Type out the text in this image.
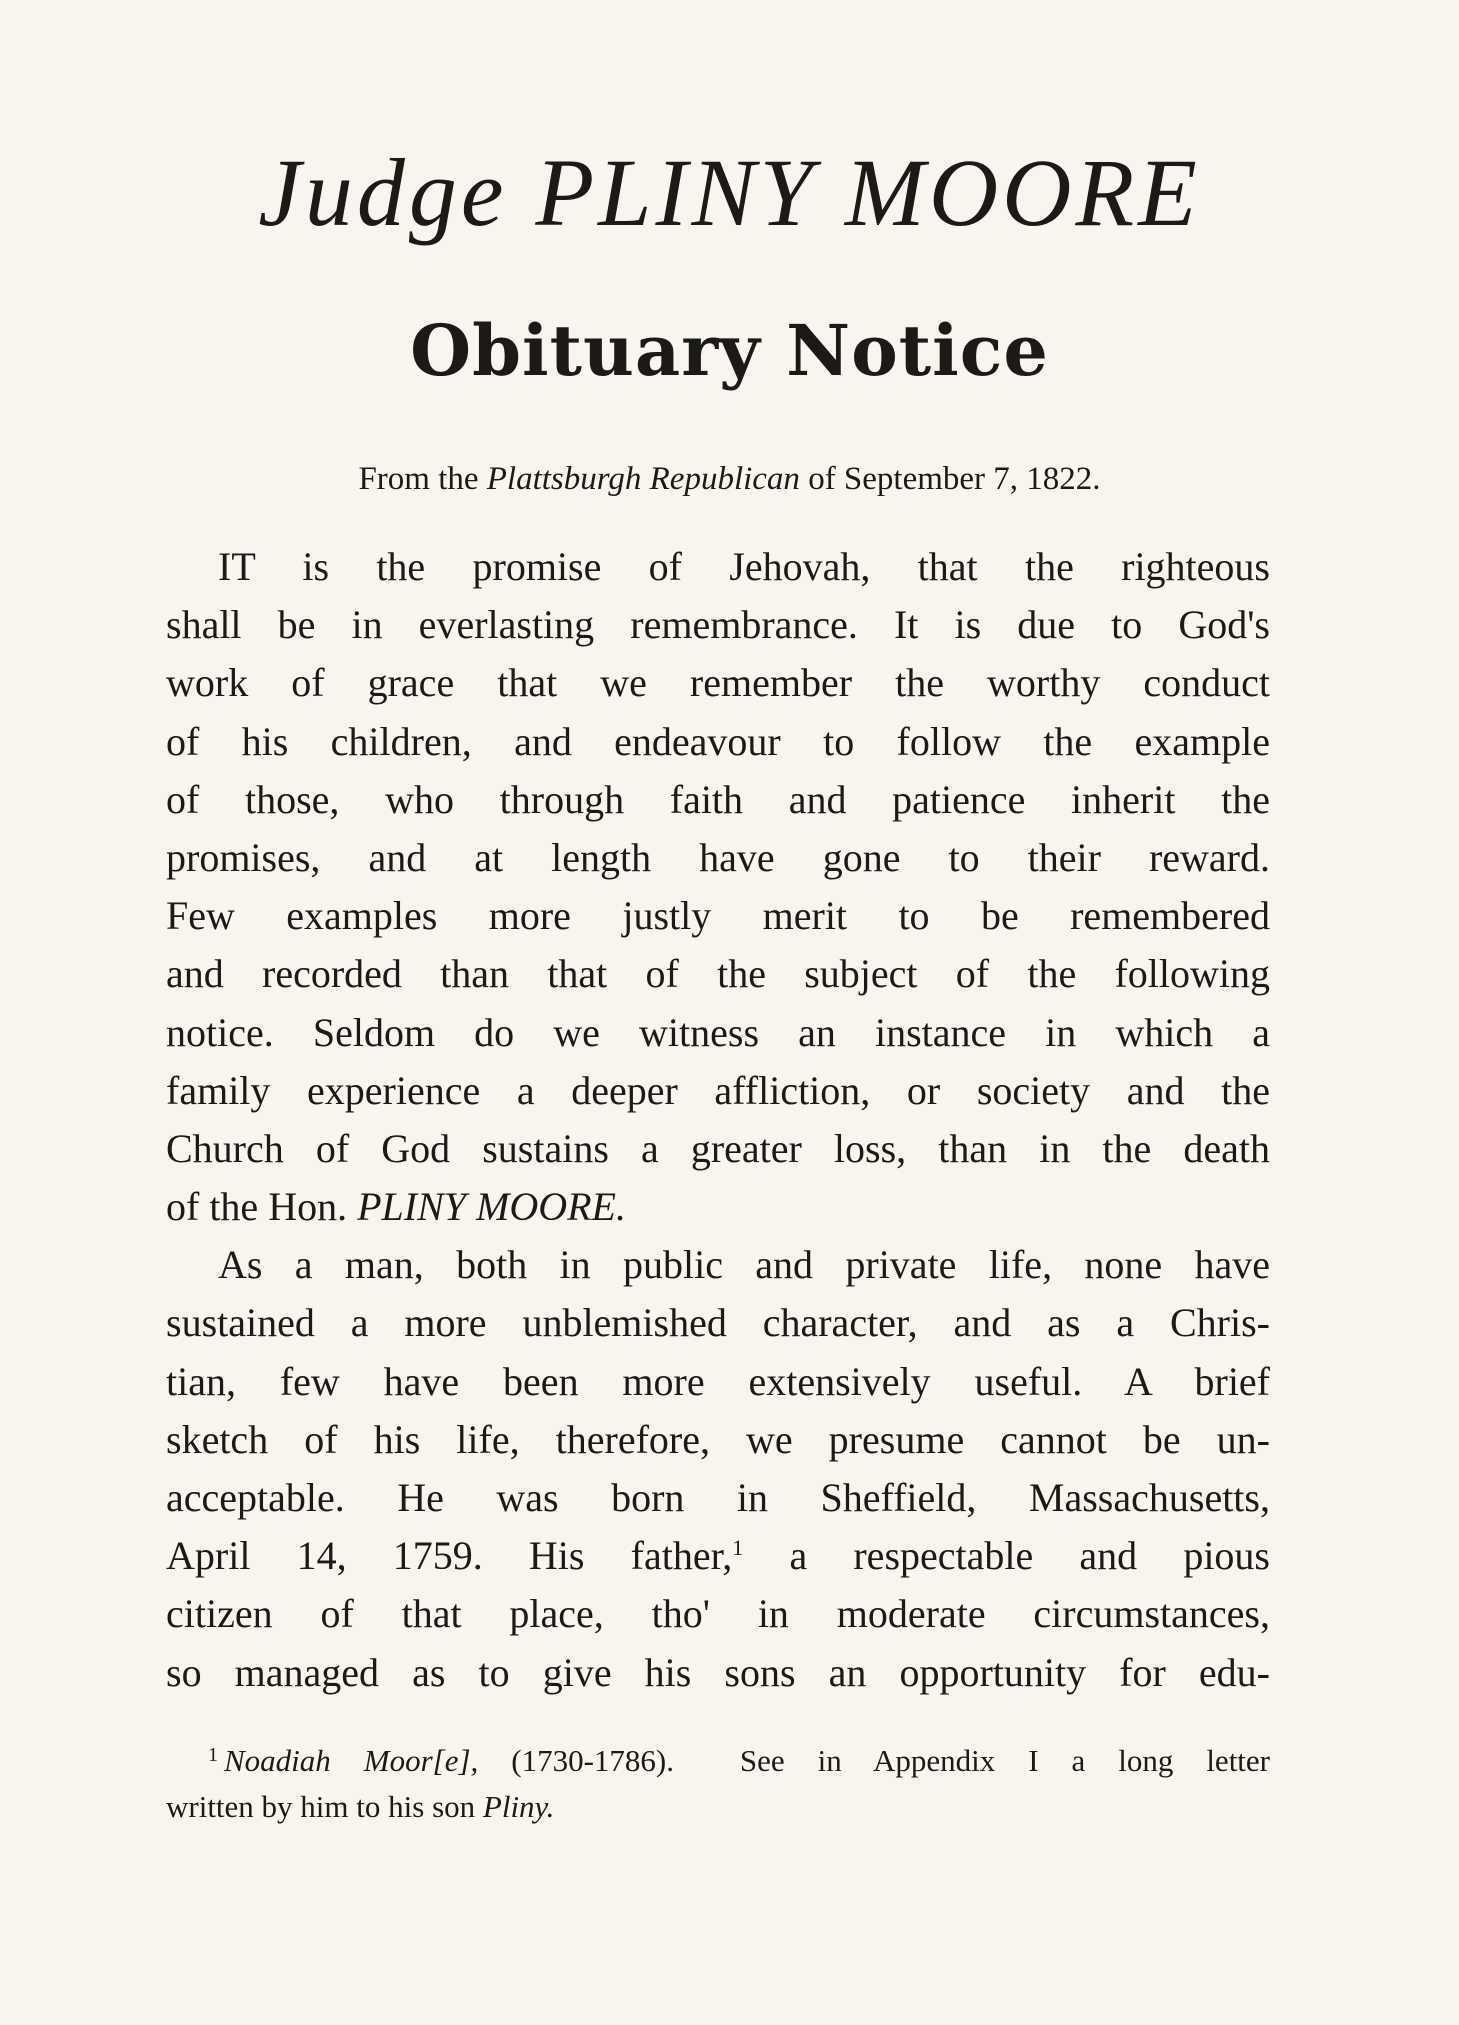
Judge PLINY MOORE
Obituary Notice
From the Plattsburgh Republican of September 7, 1822.
IT is the promise of Jehovah, that the righteous
shall be in everlasting remembrance. It is due to God's
work of grace that we remember the worthy conduct
of his children, and endeavour to follow the example
of those, who through faith and patience inherit the
promises, and at length have gone to their reward.
Few examples more justly merit to be remembered
and recorded than that of the subject of the following
notice. Seldom do we witness an instance in which a
family experience a deeper affliction, or society and the
Church of God sustains a greater loss, than in the death
of the Hon. PLINY MOORE.
As a man, both in public and private life, none have
sustained a more unblemished character, and as a Chris-
tian, few have been more extensively useful. A brief
sketch of his life, therefore, we presume cannot be un-
acceptable. He was born in Sheffield, Massachusetts,
April 14, 1759. His father,$^1$ a respectable and pious
citizen of that place, tho' in moderate circumstances,
so managed as to give his sons an opportunity for edu-
$^1$ Noadiah Moor[e], (1730-1786). See in Appendix I a long letter
written by him to his son Pliny.
